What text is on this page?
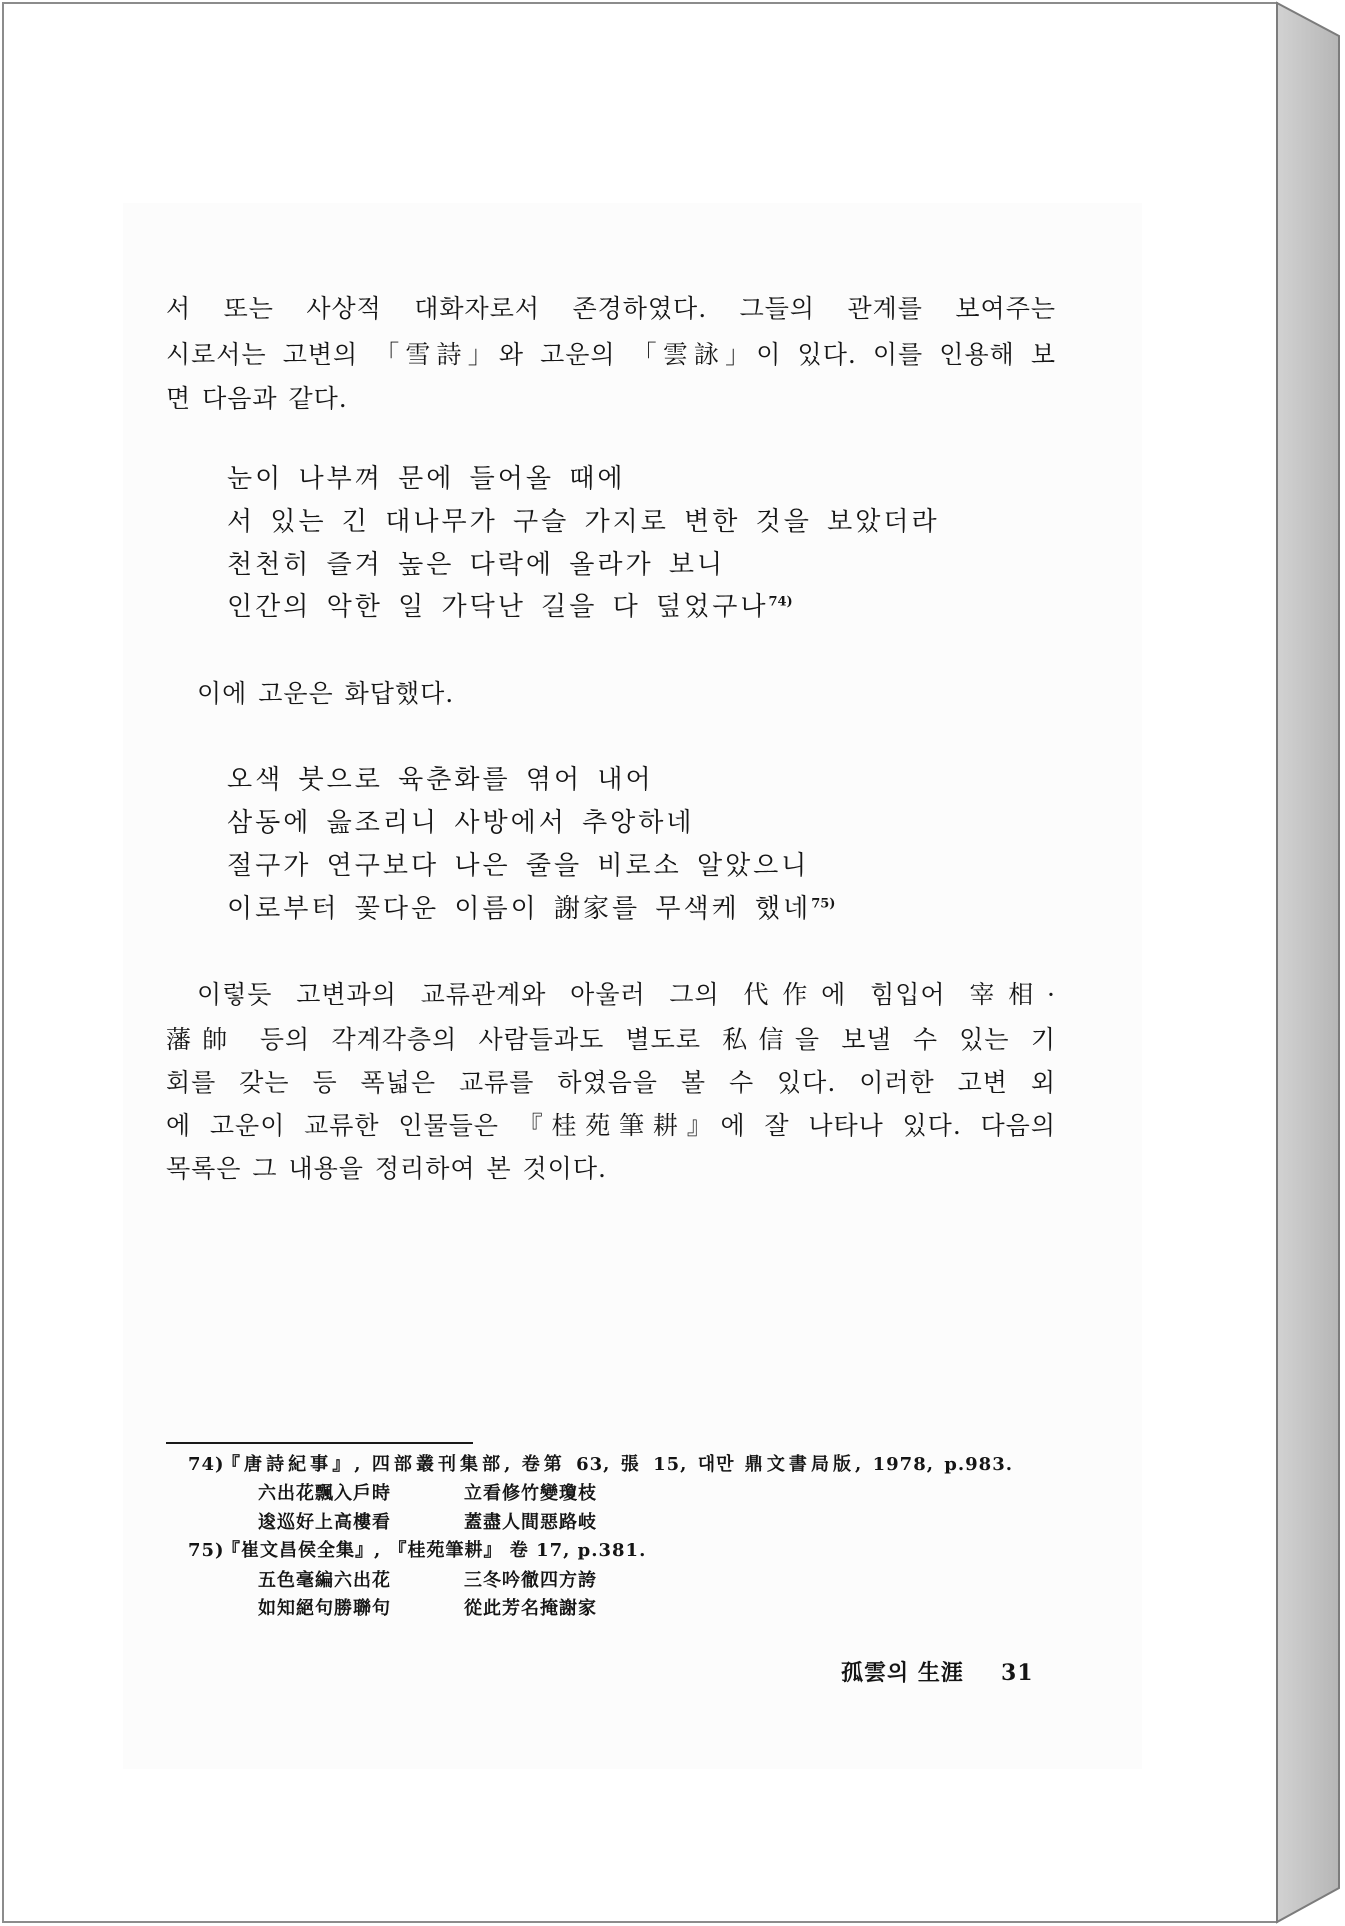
서 또는 사상적 대화자로서 존경하였다. 그들의 관계를 보여주는
시로서는 고변의 「雪詩」와 고운의 「雲詠」이 있다. 이를 인용해 보
면 다음과 같다.
눈이 나부껴 문에 들어올 때에
서 있는 긴 대나무가 구슬 가지로 변한 것을 보았더라
천천히 즐겨 높은 다락에 올라가 보니
인간의 악한 일 가닥난 길을 다 덮었구나$^{74)}$
이에 고운은 화답했다.
오색 붓으로 육춘화를 엮어 내어
삼동에 읊조리니 사방에서 추앙하네
절구가 연구보다 나은 줄을 비로소 알았으니
이로부터 꽃다운 이름이 謝家를 무색케 했네$^{75)}$
이렇듯 고변과의 교류관계와 아울러 그의 代作에 힘입어 宰相·
藩帥 등의 각계각층의 사람들과도 별도로 私信을 보낼 수 있는 기
회를 갖는 등 폭넓은 교류를 하였음을 볼 수 있다. 이러한 고변 외
에 고운이 교류한 인물들은 『桂苑筆耕』에 잘 나타나 있다. 다음의
목록은 그 내용을 정리하여 본 것이다.
74)
『唐詩紀事』, 四部叢刊集部, 卷第 63, 張 15, 대만 鼎文書局版, 1978, p.983.
六出花飄入戶時	立看修竹變瓊枝
逡巡好上高樓看	蓋盡人間惡路岐
75)
『崔文昌侯全集』, 『桂苑筆耕』 卷 17, p.381.
五色毫編六出花	三冬吟徹四方誇
如知絕句勝聯句	從此芳名掩謝家
孤雲의 生涯 31
